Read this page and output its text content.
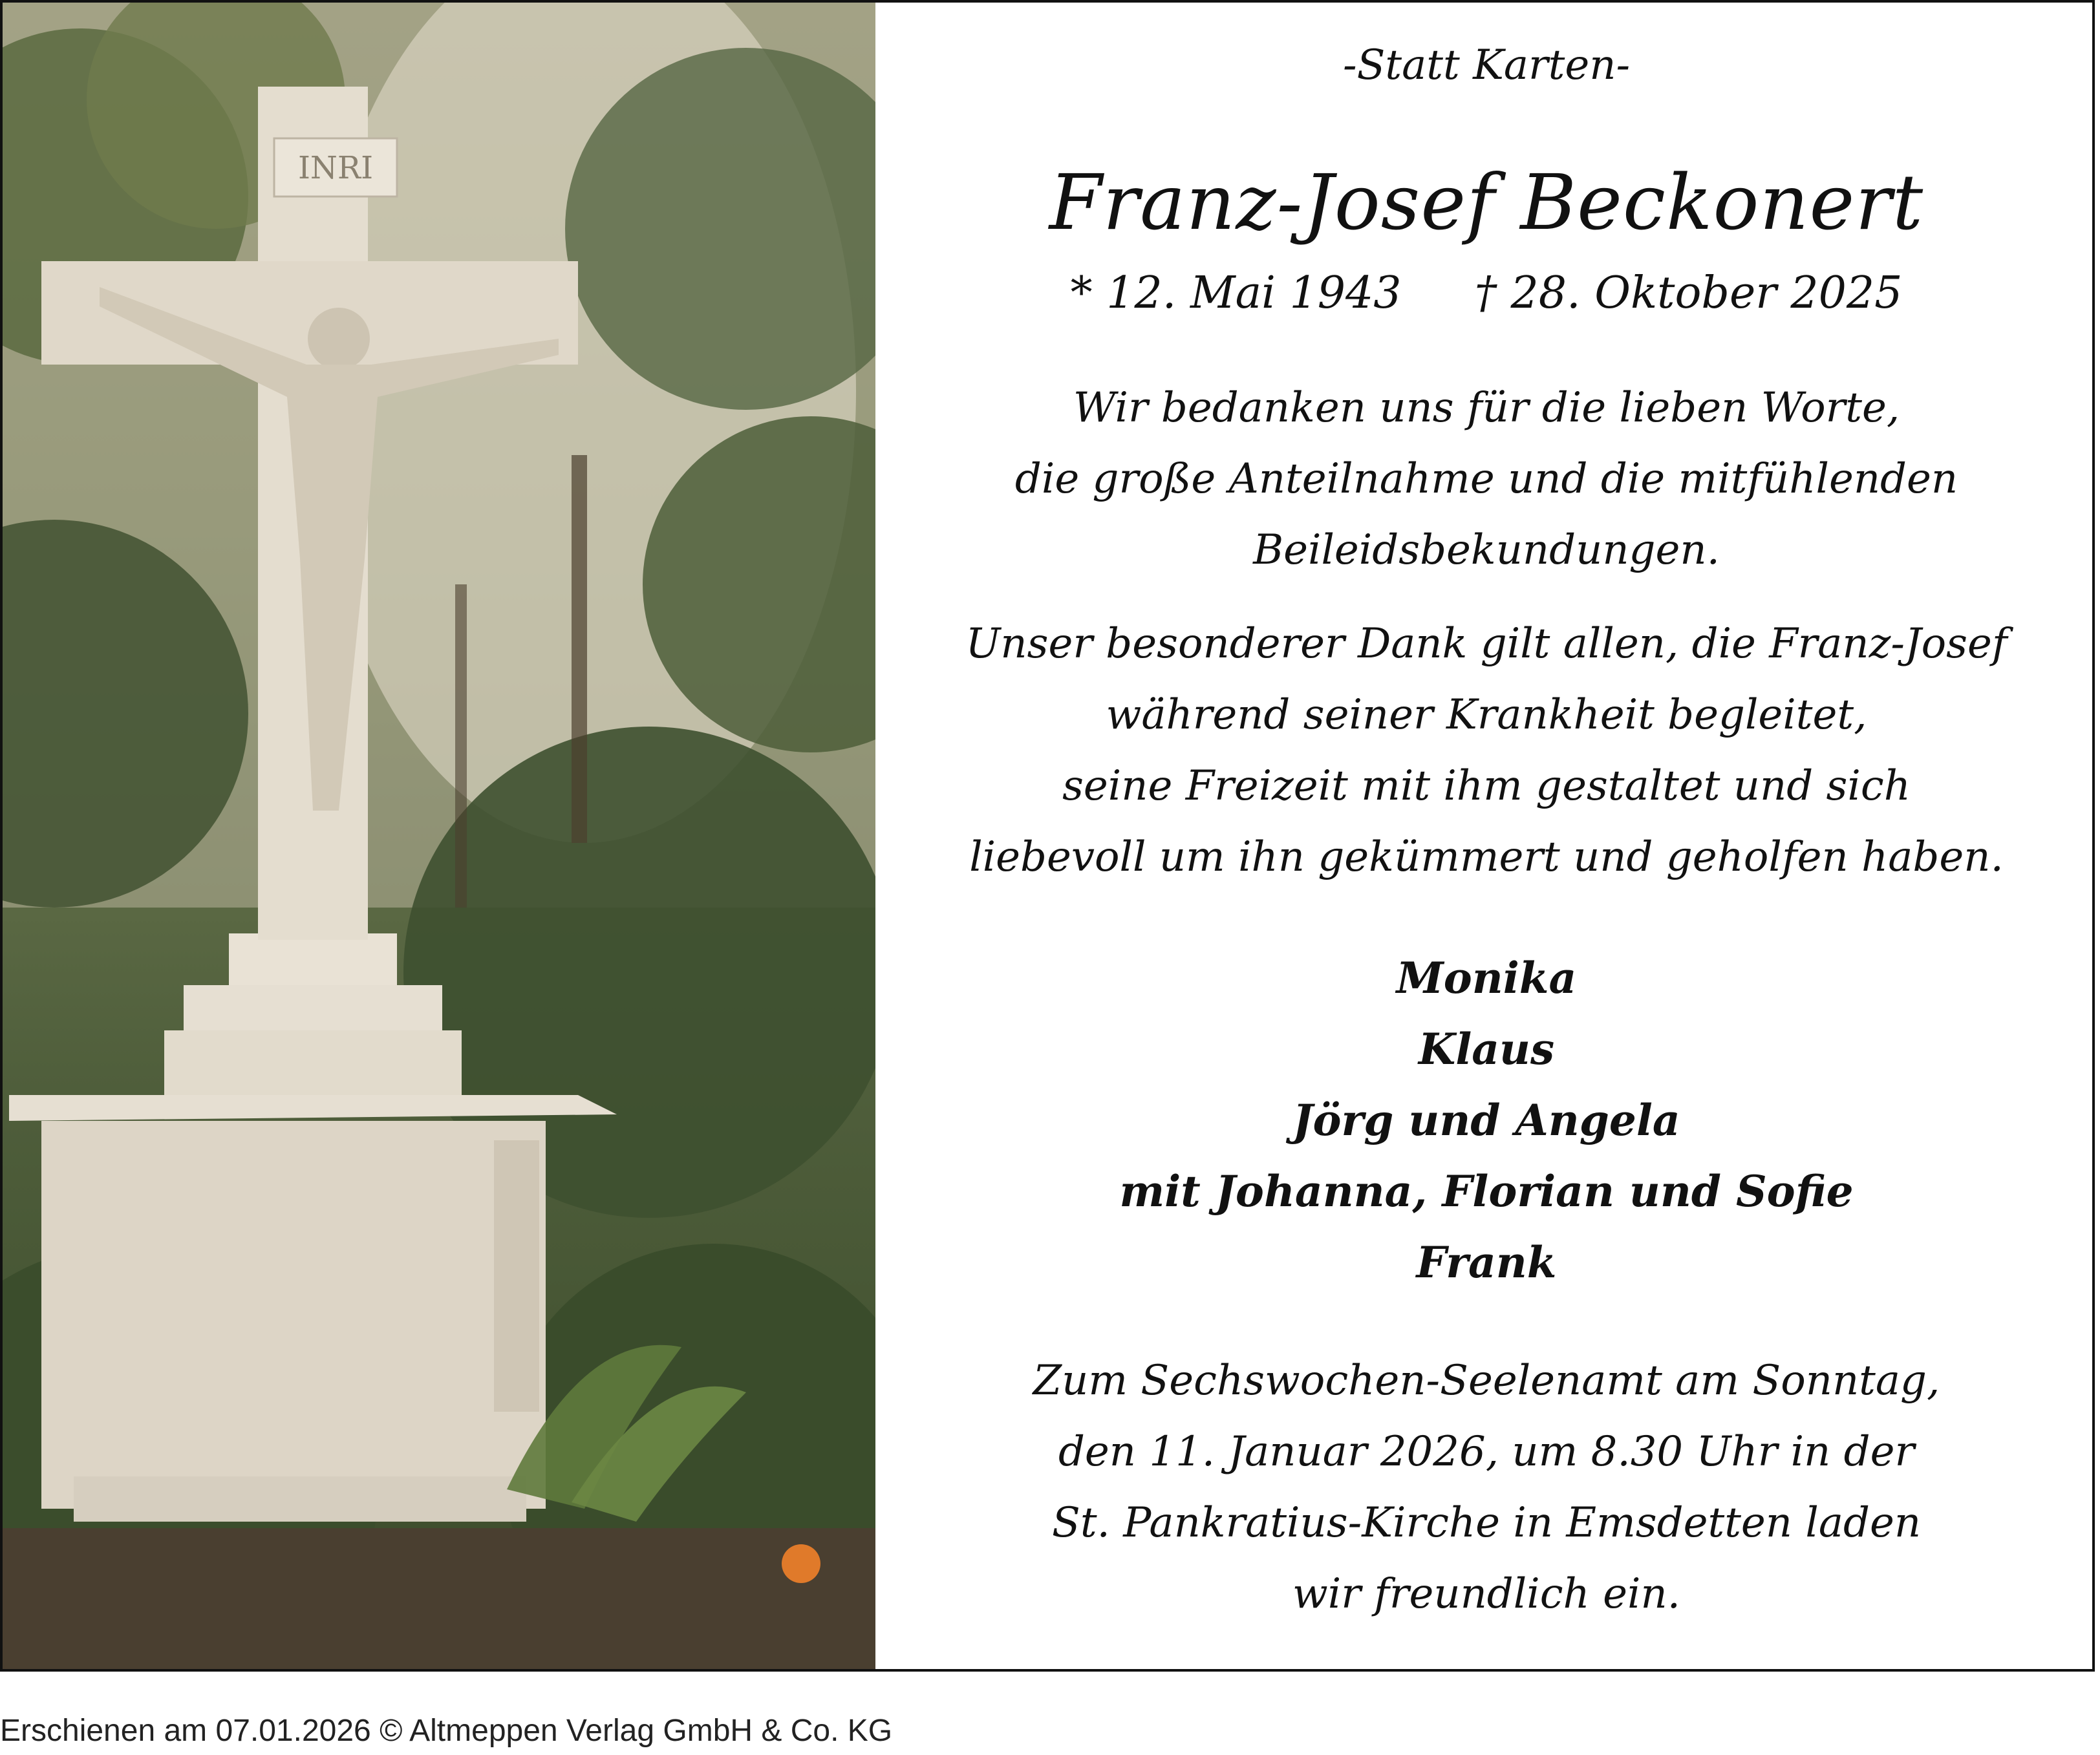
INRI
-Statt Karten-
Franz-Josef Beckonert
* 12. Mai 1943 † 28. Oktober 2025
Wir bedanken uns für die lieben Worte,
die große Anteilnahme und die mitfühlenden
Beileidsbekundungen.
Unser besonderer Dank gilt allen, die Franz-Josef
während seiner Krankheit begleitet,
seine Freizeit mit ihm gestaltet und sich
liebevoll um ihn gekümmert und geholfen haben.
Monika
Klaus
Jörg und Angela
mit Johanna, Florian und Sofie
Frank
Zum Sechswochen-Seelenamt am Sonntag,
den 11. Januar 2026, um 8.30 Uhr in der
St. Pankratius-Kirche in Emsdetten laden
wir freundlich ein.
Erschienen am 07.01.2026 © Altmeppen Verlag GmbH & Co. KG
